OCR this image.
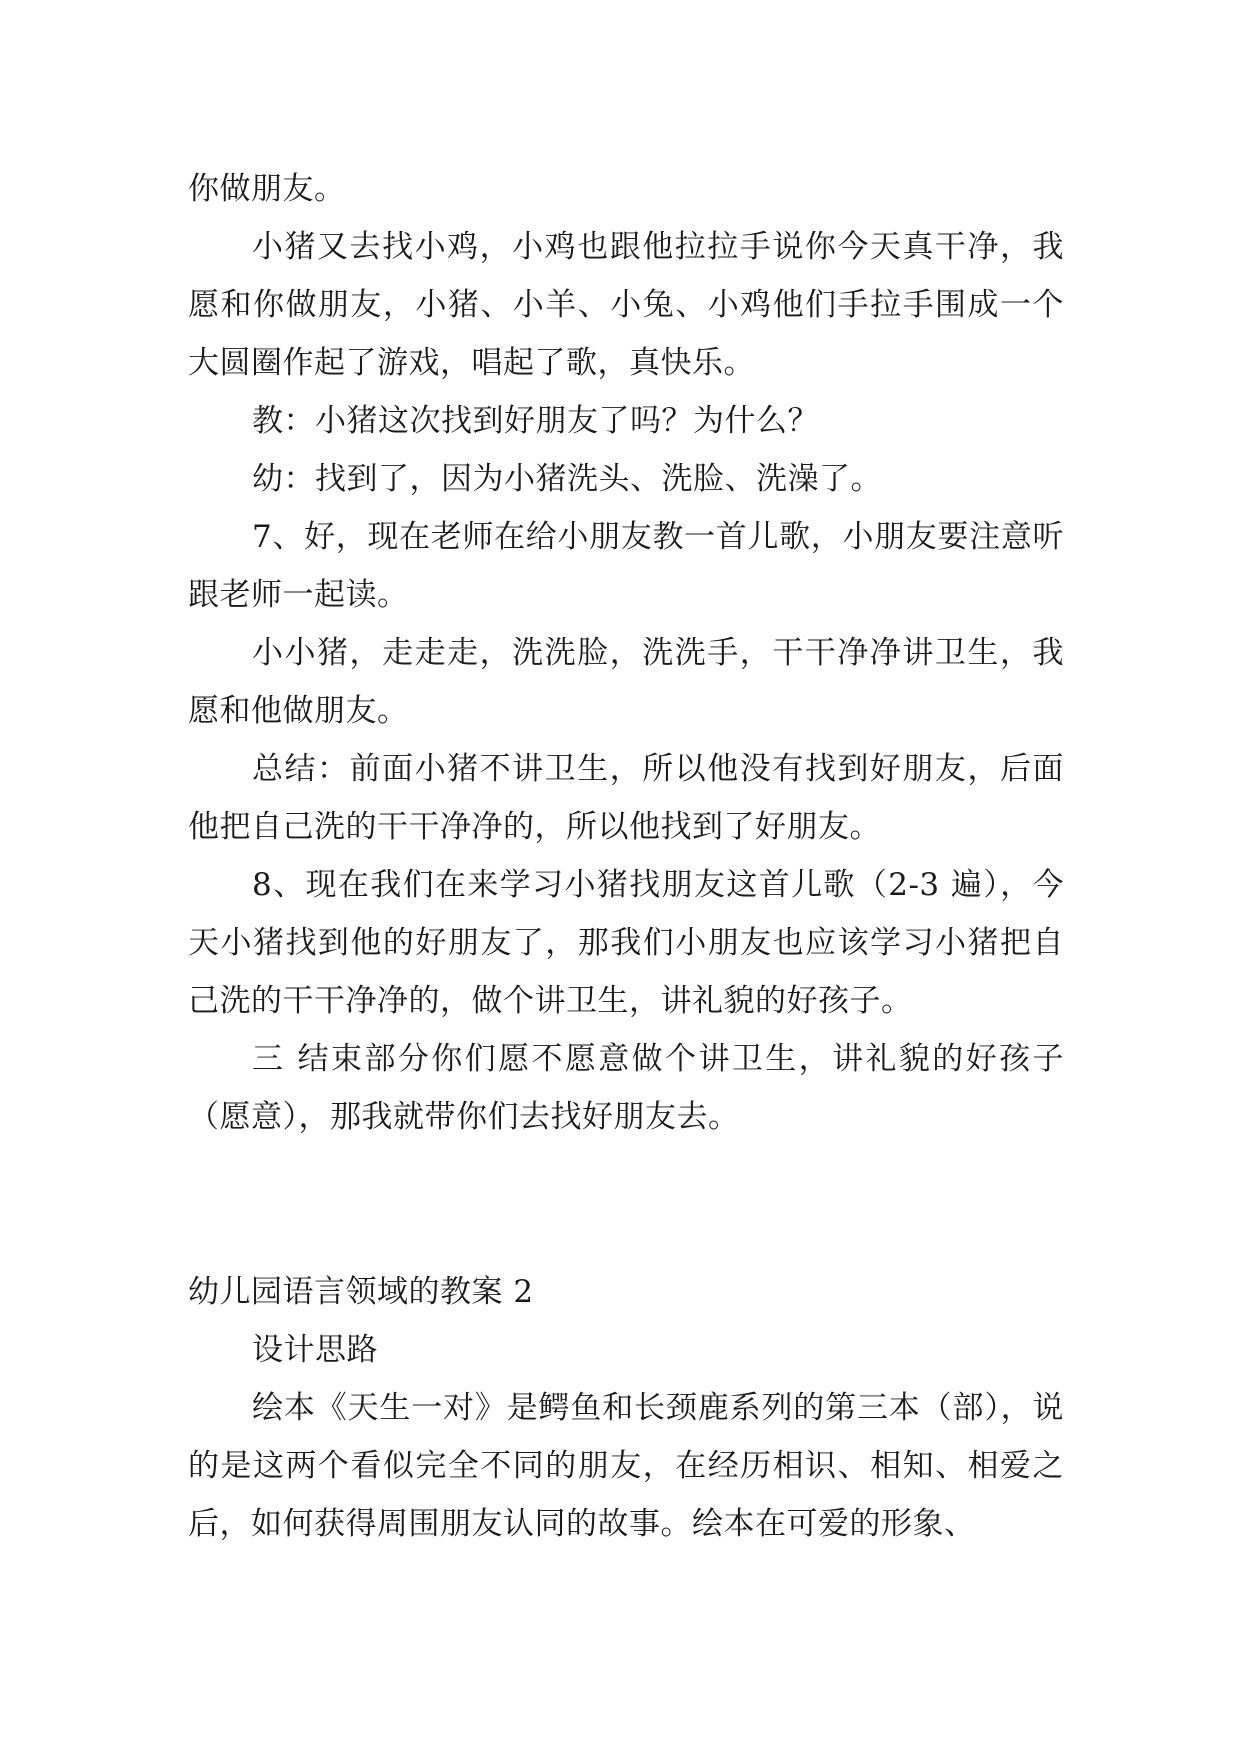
你做朋友。

小猪又去找小鸡，小鸡也跟他拉拉手说你今天真干净，我愿和你做朋友，小猪、小羊、小兔、小鸡他们手拉手围成一个大圆圈作起了游戏，唱起了歌，真快乐。

教：小猪这次找到好朋友了吗？为什么？

幼：找到了，因为小猪洗头、洗脸、洗澡了。

7、好，现在老师在给小朋友教一首儿歌，小朋友要注意听跟老师一起读。

小小猪，走走走，洗洗脸，洗洗手，干干净净讲卫生，我愿和他做朋友。

总结：前面小猪不讲卫生，所以他没有找到好朋友，后面他把自己洗的干干净净的，所以他找到了好朋友。

8、现在我们在来学习小猪找朋友这首儿歌（2-3 遍），今天小猪找到他的好朋友了，那我们小朋友也应该学习小猪把自己洗的干干净净的，做个讲卫生，讲礼貌的好孩子。

三 结束部分你们愿不愿意做个讲卫生，讲礼貌的好孩子（愿意），那我就带你们去找好朋友去。

幼儿园语言领域的教案 2

设计思路

绘本《天生一对》是鳄鱼和长颈鹿系列的第三本（部），说的是这两个看似完全不同的朋友，在经历相识、相知、相爱之后，如何获得周围朋友认同的故事。绘本在可爱的形象、
